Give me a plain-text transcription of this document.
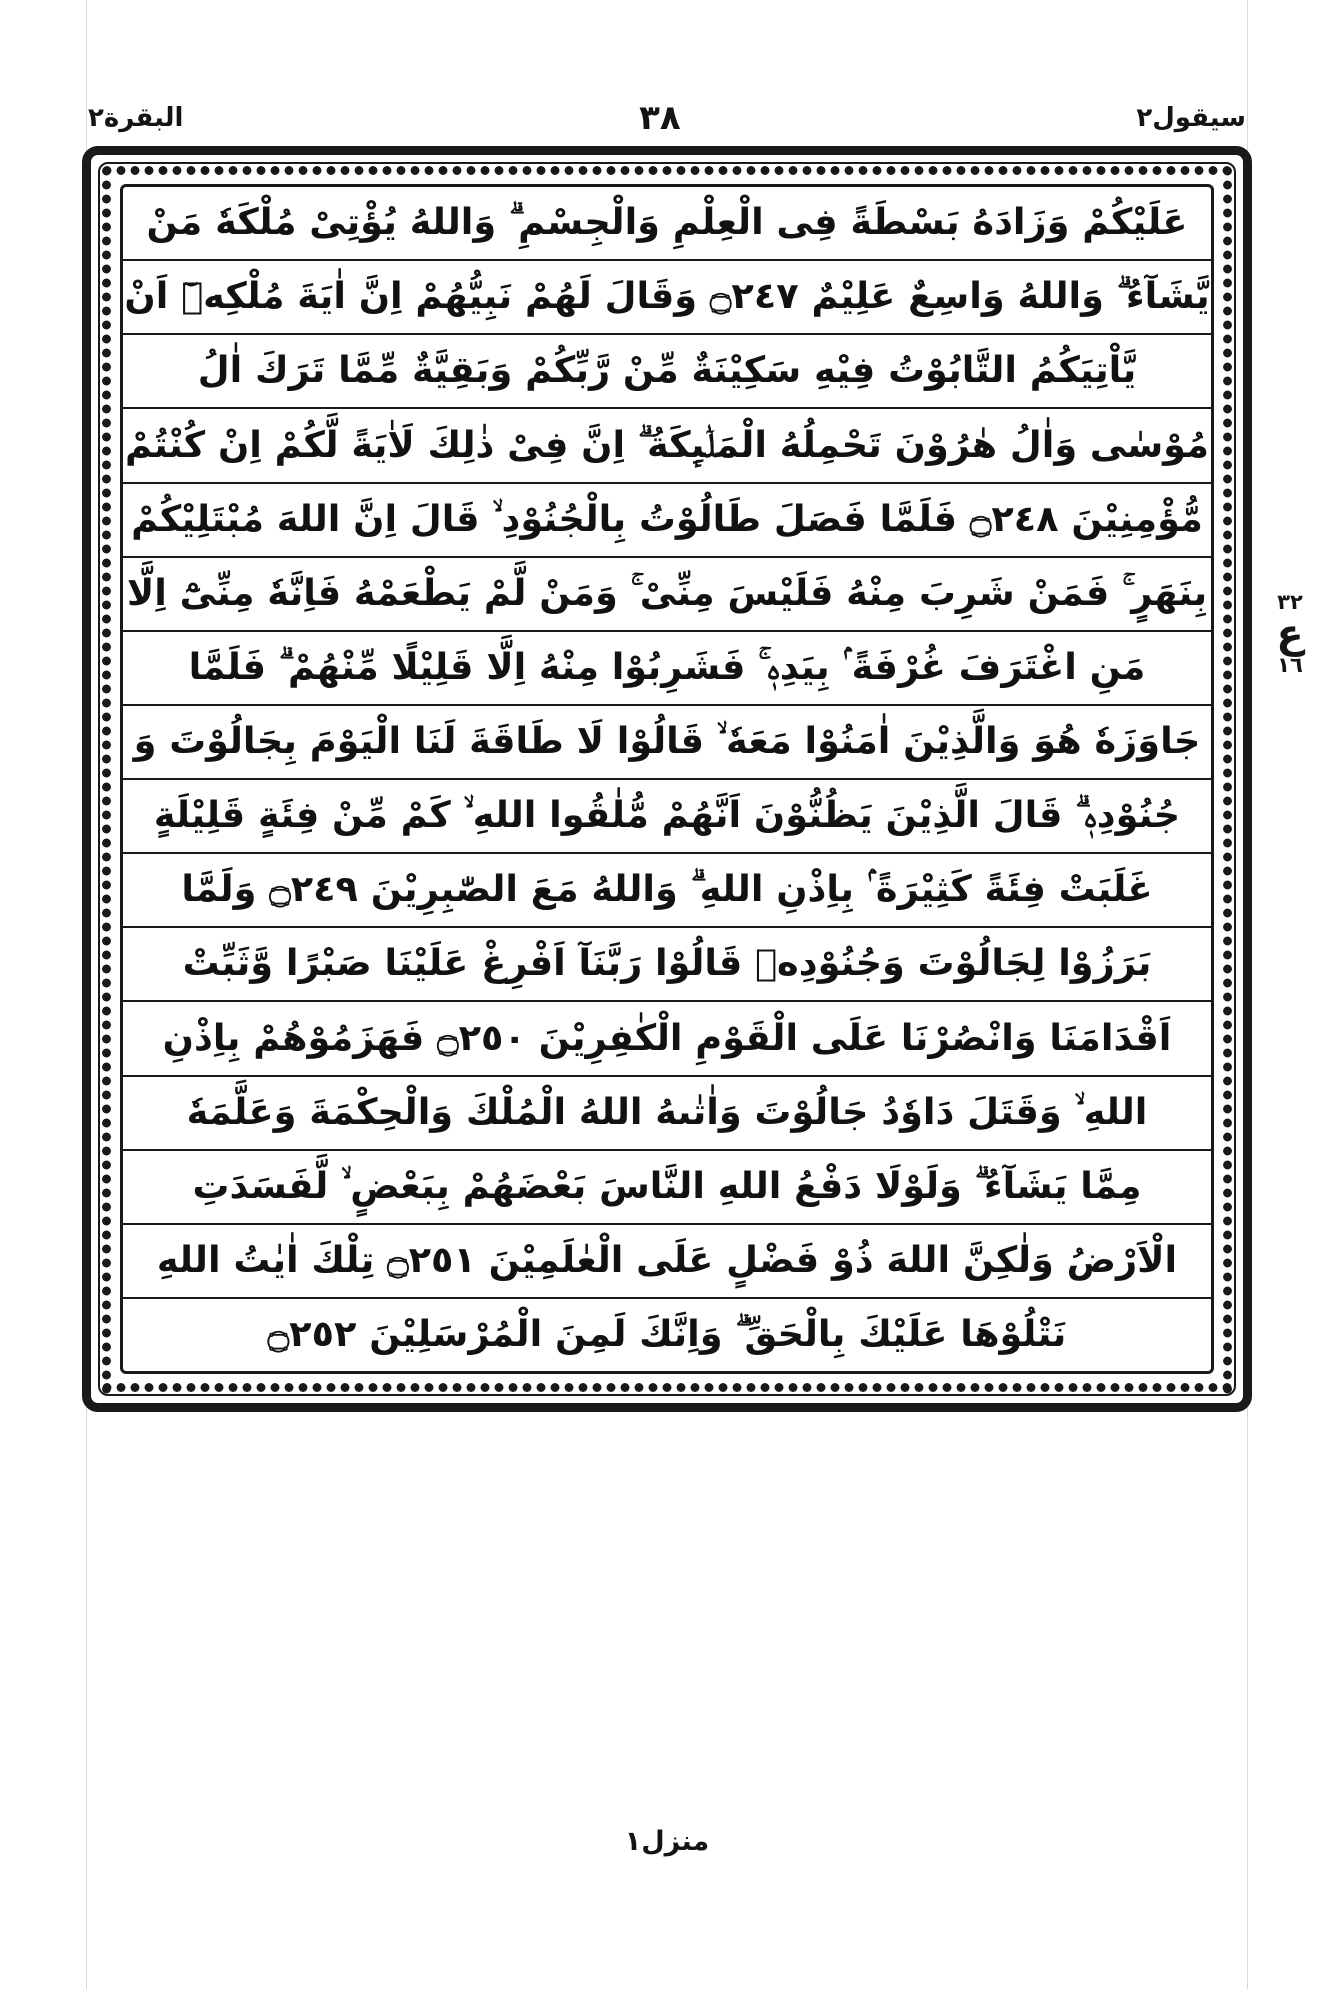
البقرة٢	٣٨	سيقول٢
عَلَيْكُمْ وَزَادَهُ بَسْطَةً فِى الْعِلْمِ وَالْجِسْمِ ۗ وَاللهُ يُؤْتِىْ مُلْكَهٗ مَنْ
يَّشَآءُ ۗ وَاللهُ وَاسِعٌ عَلِيْمٌ ۝٢٤٧ وَقَالَ لَهُمْ نَبِيُّهُمْ اِنَّ اٰيَةَ مُلْكِهٖٓ اَنْ
يَّاْتِيَكُمُ التَّابُوْتُ فِيْهِ سَكِيْنَةٌ مِّنْ رَّبِّكُمْ وَبَقِيَّةٌ مِّمَّا تَرَكَ اٰلُ
مُوْسٰى وَاٰلُ هٰرُوْنَ تَحْمِلُهُ الْمَلٰۤىِٕكَةُ ۗ اِنَّ فِىْ ذٰلِكَ لَاٰيَةً لَّكُمْ اِنْ كُنْتُمْ
مُّؤْمِنِيْنَ ۝٢٤٨ فَلَمَّا فَصَلَ طَالُوْتُ بِالْجُنُوْدِ ۙ قَالَ اِنَّ اللهَ مُبْتَلِيْكُمْ
بِنَهَرٍ ۚ فَمَنْ شَرِبَ مِنْهُ فَلَيْسَ مِنِّىْ ۚ وَمَنْ لَّمْ يَطْعَمْهُ فَاِنَّهٗ مِنِّىْٓ اِلَّا
مَنِ اغْتَرَفَ غُرْفَةً ۢ بِيَدِهٖ ۚ فَشَرِبُوْا مِنْهُ اِلَّا قَلِيْلًا مِّنْهُمْ ۗ فَلَمَّا
جَاوَزَهٗ هُوَ وَالَّذِيْنَ اٰمَنُوْا مَعَهٗ ۙ قَالُوْا لَا طَاقَةَ لَنَا الْيَوْمَ بِجَالُوْتَ وَ
جُنُوْدِهٖ ۗ قَالَ الَّذِيْنَ يَظُنُّوْنَ اَنَّهُمْ مُّلٰقُوا اللهِ ۙ كَمْ مِّنْ فِئَةٍ قَلِيْلَةٍ
غَلَبَتْ فِئَةً كَثِيْرَةً ۢ بِاِذْنِ اللهِ ۗ وَاللهُ مَعَ الصّٰبِرِيْنَ ۝٢٤٩ وَلَمَّا
بَرَزُوْا لِجَالُوْتَ وَجُنُوْدِهٖ قَالُوْا رَبَّنَآ اَفْرِغْ عَلَيْنَا صَبْرًا وَّثَبِّتْ
اَقْدَامَنَا وَانْصُرْنَا عَلَى الْقَوْمِ الْكٰفِرِيْنَ ۝٢٥٠ فَهَزَمُوْهُمْ بِاِذْنِ
اللهِ ۙ وَقَتَلَ دَاوٗدُ جَالُوْتَ وَاٰتٰىهُ اللهُ الْمُلْكَ وَالْحِكْمَةَ وَعَلَّمَهٗ
مِمَّا يَشَآءُ ۗ وَلَوْلَا دَفْعُ اللهِ النَّاسَ بَعْضَهُمْ بِبَعْضٍ ۙ لَّفَسَدَتِ
الْاَرْضُ وَلٰكِنَّ اللهَ ذُوْ فَضْلٍ عَلَى الْعٰلَمِيْنَ ۝٢٥١ تِلْكَ اٰيٰتُ اللهِ
نَتْلُوْهَا عَلَيْكَ بِالْحَقِّ ۗ وَاِنَّكَ لَمِنَ الْمُرْسَلِيْنَ ۝٢٥٢
٣٢
ع
١٦
منزل١
